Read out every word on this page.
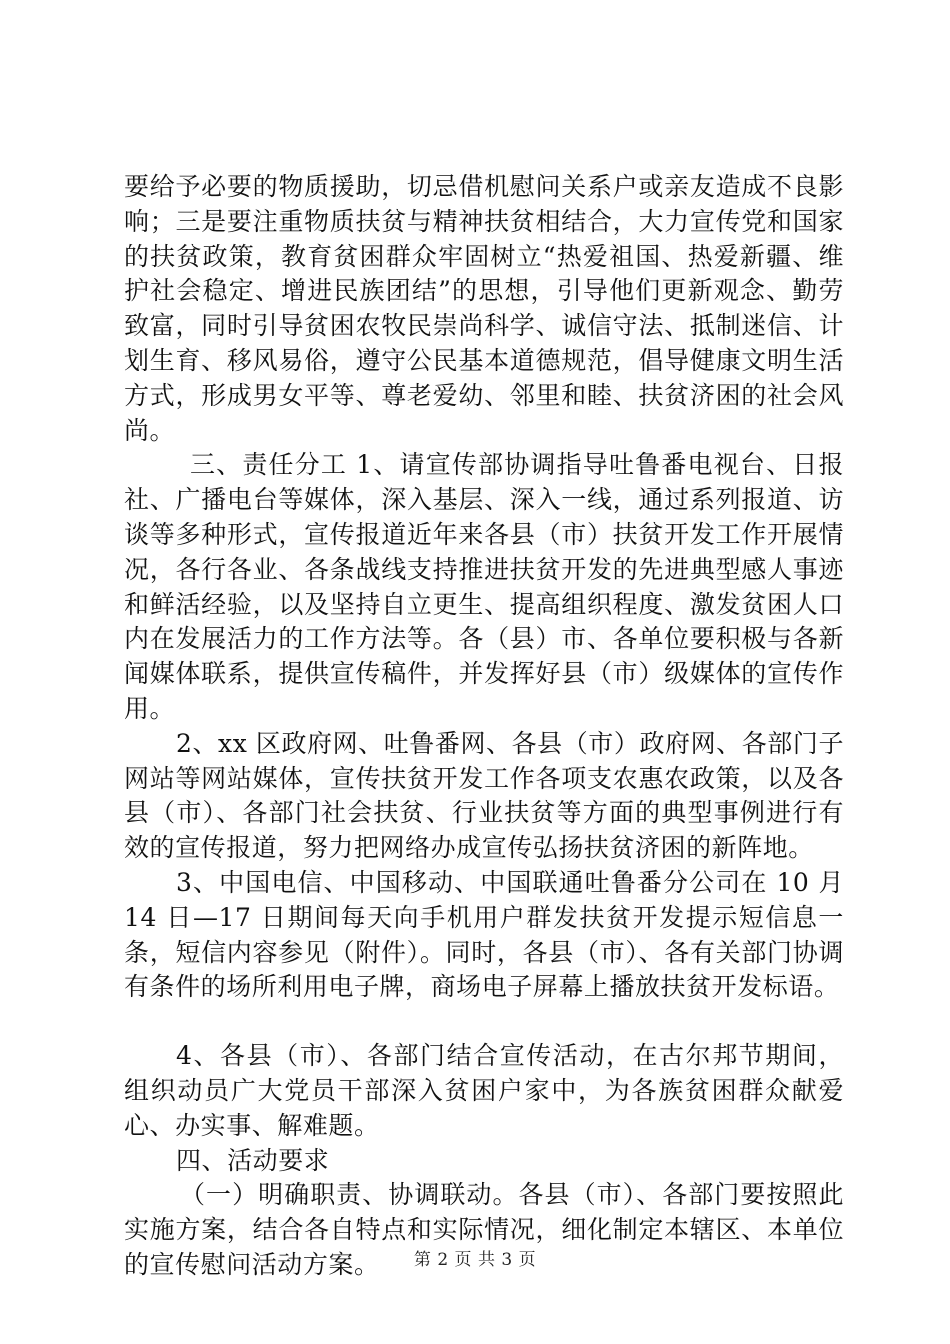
要给予必要的物质援助，切忌借机慰问关系户或亲友造成不良影响；三是要注重物质扶贫与精神扶贫相结合，大力宣传党和国家的扶贫政策，教育贫困群众牢固树立“热爱祖国、热爱新疆、维护社会稳定、增进民族团结”的思想，引导他们更新观念、勤劳致富，同时引导贫困农牧民崇尚科学、诚信守法、抵制迷信、计划生育、移风易俗，遵守公民基本道德规范，倡导健康文明生活方式，形成男女平等、尊老爱幼、邻里和睦、扶贫济困的社会风尚。

三、责任分工 1、请宣传部协调指导吐鲁番电视台、日报社、广播电台等媒体，深入基层、深入一线，通过系列报道、访谈等多种形式，宣传报道近年来各县（市）扶贫开发工作开展情况，各行各业、各条战线支持推进扶贫开发的先进典型感人事迹和鲜活经验，以及坚持自立更生、提高组织程度、激发贫困人口内在发展活力的工作方法等。各（县）市、各单位要积极与各新闻媒体联系，提供宣传稿件，并发挥好县（市）级媒体的宣传作用。

2、xx 区政府网、吐鲁番网、各县（市）政府网、各部门子网站等网站媒体，宣传扶贫开发工作各项支农惠农政策，以及各县（市）、各部门社会扶贫、行业扶贫等方面的典型事例进行有效的宣传报道，努力把网络办成宣传弘扬扶贫济困的新阵地。

3、中国电信、中国移动、中国联通吐鲁番分公司在 10 月14 日—17 日期间每天向手机用户群发扶贫开发提示短信息一条，短信内容参见（附件）。同时，各县（市）、各有关部门协调有条件的场所利用电子牌，商场电子屏幕上播放扶贫开发标语。

4、各县（市）、各部门结合宣传活动，在古尔邦节期间，组织动员广大党员干部深入贫困户家中，为各族贫困群众献爱心、办实事、解难题。

四、活动要求

（一）明确职责、协调联动。各县（市）、各部门要按照此实施方案，结合各自特点和实际情况，细化制定本辖区、本单位的宣传慰问活动方案。	第 2 页 共 3 页
